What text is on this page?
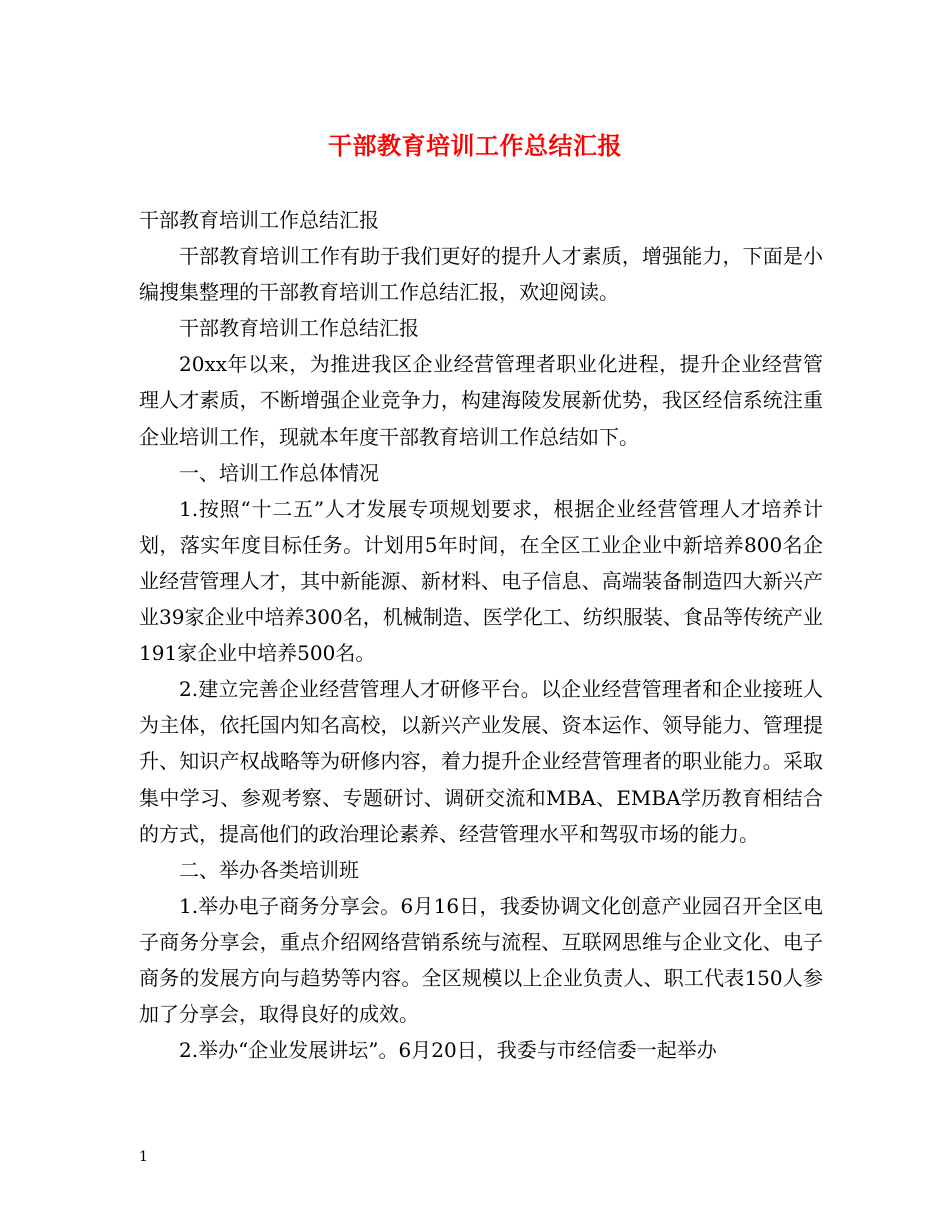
干部教育培训工作总结汇报

干部教育培训工作总结汇报

干部教育培训工作有助于我们更好的提升人才素质，增强能力，下面是小编搜集整理的干部教育培训工作总结汇报，欢迎阅读。

干部教育培训工作总结汇报

20xx年以来，为推进我区企业经营管理者职业化进程，提升企业经营管理人才素质，不断增强企业竞争力，构建海陵发展新优势，我区经信系统注重企业培训工作，现就本年度干部教育培训工作总结如下。

一、培训工作总体情况

1.按照“十二五”人才发展专项规划要求，根据企业经营管理人才培养计划，落实年度目标任务。计划用5年时间，在全区工业企业中新培养800名企业经营管理人才，其中新能源、新材料、电子信息、高端装备制造四大新兴产业39家企业中培养300名，机械制造、医学化工、纺织服装、食品等传统产业191家企业中培养500名。

2.建立完善企业经营管理人才研修平台。以企业经营管理者和企业接班人为主体，依托国内知名高校，以新兴产业发展、资本运作、领导能力、管理提升、知识产权战略等为研修内容，着力提升企业经营管理者的职业能力。采取集中学习、参观考察、专题研讨、调研交流和MBA、EMBA学历教育相结合的方式，提高他们的政治理论素养、经营管理水平和驾驭市场的能力。

二、举办各类培训班

1.举办电子商务分享会。6月16日，我委协调文化创意产业园召开全区电子商务分享会，重点介绍网络营销系统与流程、互联网思维与企业文化、电子商务的发展方向与趋势等内容。全区规模以上企业负责人、职工代表150人参加了分享会，取得良好的成效。

2.举办“企业发展讲坛”。6月20日，我委与市经信委一起举办

1
